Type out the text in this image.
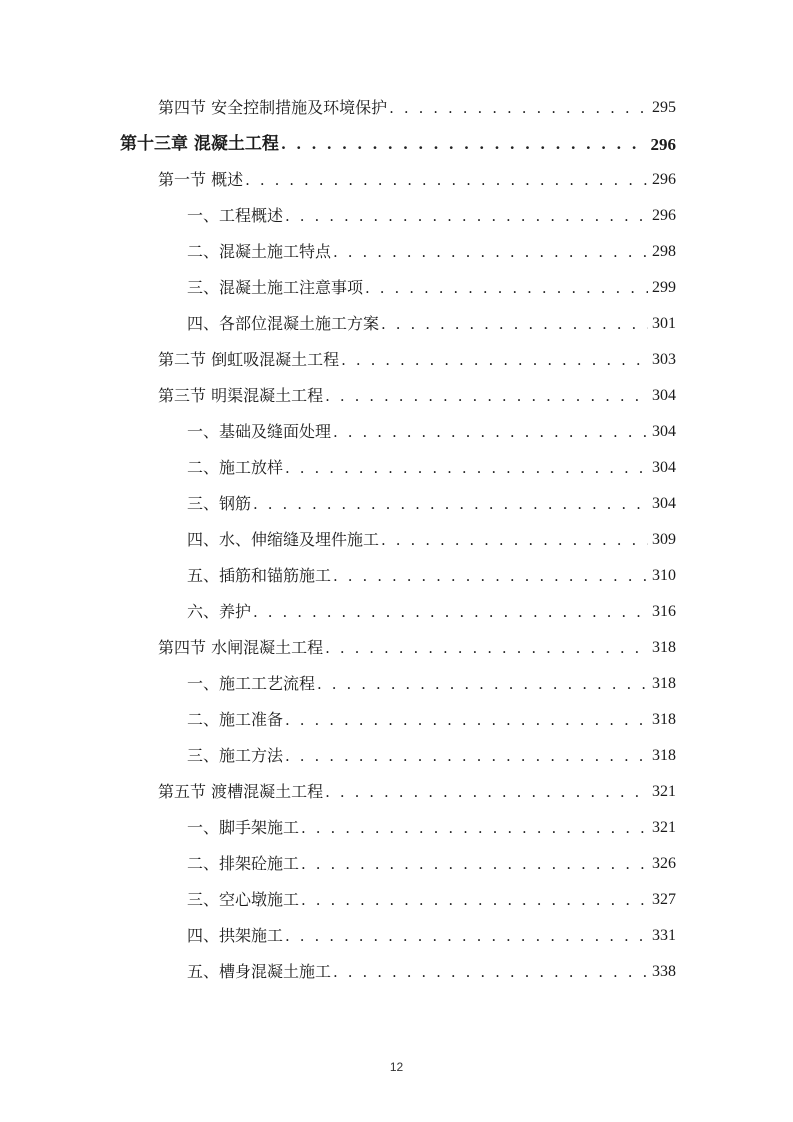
第四节 安全控制措施及环境保护 . . .	295
第十三章 混凝土工程 . . .	296
第一节 概述 . . .	296
一、工程概述 . . .	296
二、混凝土施工特点 . . .	298
三、混凝土施工注意事项 . . .	299
四、各部位混凝土施工方案 . . .	301
第二节 倒虹吸混凝土工程 . . .	303
第三节 明渠混凝土工程 . . .	304
一、基础及缝面处理 . . .	304
二、施工放样 . . .	304
三、钢筋 . . .	304
四、水、伸缩缝及埋件施工 . . .	309
五、插筋和锚筋施工 . . .	310
六、养护 . . .	316
第四节 水闸混凝土工程 . . .	318
一、施工工艺流程 . . .	318
二、施工准备 . . .	318
三、施工方法 . . .	318
第五节 渡槽混凝土工程 . . .	321
一、脚手架施工 . . .	321
二、排架砼施工 . . .	326
三、空心墩施工 . . .	327
四、拱架施工 . . .	331
五、槽身混凝土施工 . . .	338
12
